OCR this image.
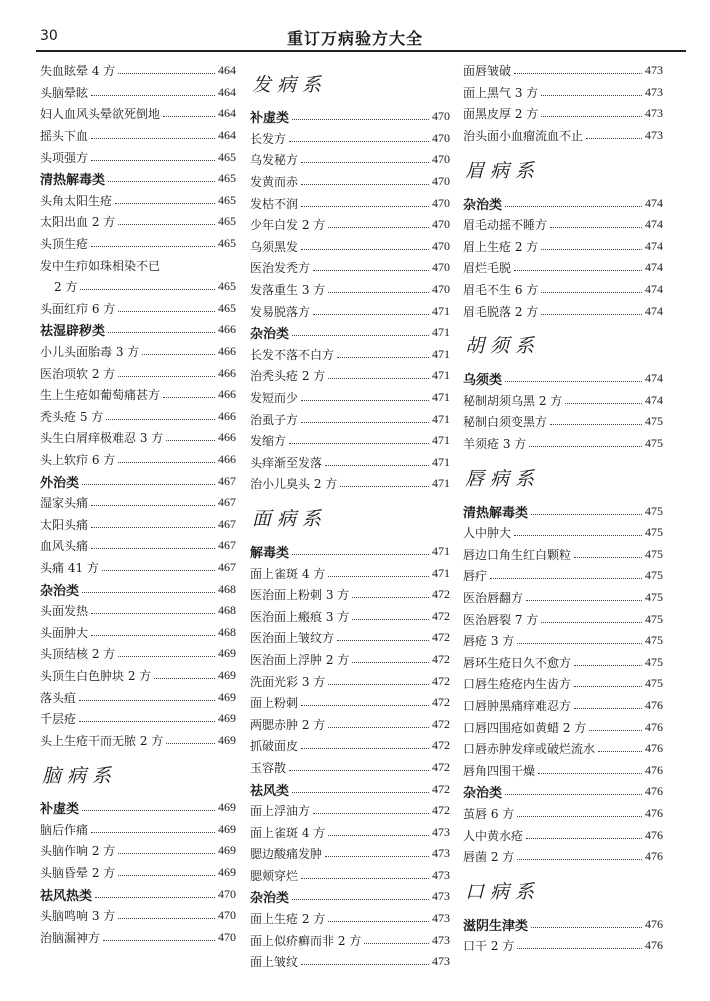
30	重订万病验方大全
失血眩晕 4 方	464
头脑晕眩	464
妇人血风头晕欲死倒地	464
摇头下血	464
头项强方	465
清热解毒类	465
头角太阳生疮	465
太阳出血 2 方	465
头顶生疮	465
发中生疖如珠相染不已
2 方	465
头面红疖 6 方	465
祛湿辟秽类	466
小儿头面胎毒 3 方	466
医治项软 2 方	466
生上生疮如葡萄痛甚方	466
秃头疮 5 方	466
头生白屑痒极难忍 3 方	466
头上软疖 6 方	466
外治类	467
湿家头痛	467
太阳头痛	467
血风头痛	467
头痛 41 方	467
杂治类	468
头面发热	468
头面肿大	468
头顶结核 2 方	469
头顶生白色肿块 2 方	469
落头疽	469
千层疮	469
头上生疮干而无脓 2 方	469
脑病系
补虚类	469
脑后作痛	469
头脑作响 2 方	469
头脑昏晕 2 方	469
祛风热类	470
头脑鸣响 3 方	470
治脑漏神方	470
发病系
补虚类	470
长发方	470
乌发秘方	470
发黄而赤	470
发枯不润	470
少年白发 2 方	470
乌须黑发	470
医治发秃方	470
发落重生 3 方	470
发易脱落方	471
杂治类	471
长发不落不白方	471
治秃头疮 2 方	471
发短而少	471
治虱子方	471
发缩方	471
头痒渐至发落	471
治小儿臭头 2 方	471
面病系
解毒类	471
面上雀斑 4 方	471
医治面上粉刺 3 方	472
医治面上瘢痕 3 方	472
医治面上皱纹方	472
医治面上浮肿 2 方	472
洗面光彩 3 方	472
面上粉刺	472
两腮赤肿 2 方	472
抓破面皮	472
玉容散	472
祛风类	472
面上浮油方	472
面上雀斑 4 方	473
腮边酸痛发肿	473
腮颊穿烂	473
杂治类	473
面上生疮 2 方	473
面上似疥癣而非 2 方	473
面上皱纹	473
面唇皱破	473
面上黑气 3 方	473
面黑皮厚 2 方	473
治头面小血瘤流血不止	473
眉病系
杂治类	474
眉毛动摇不睡方	474
眉上生疮 2 方	474
眉烂毛脱	474
眉毛不生 6 方	474
眉毛脱落 2 方	474
胡须系
乌须类	474
秘制胡须乌黑 2 方	474
秘制白须变黑方	475
羊须疮 3 方	475
唇病系
清热解毒类	475
人中肿大	475
唇边口角生红白颗粒	475
唇疔	475
医治唇翻方	475
医治唇裂 7 方	475
唇疮 3 方	475
唇环生疮日久不愈方	475
口唇生疮疮内生齿方	475
口唇肿黑痛痒难忍方	476
口唇四围疮如黄蜡 2 方	476
口唇赤肿发痒或破烂流水	476
唇角四围干燥	476
杂治类	476
茧唇 6 方	476
人中黄水疮	476
唇菌 2 方	476
口病系
滋阴生津类	476
口干 2 方	476
